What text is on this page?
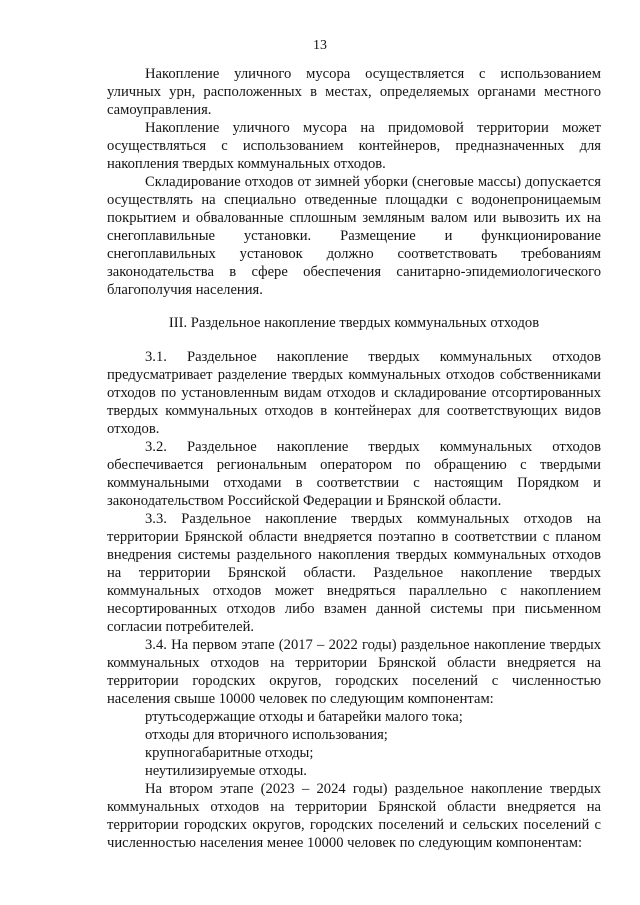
13

Накопление уличного мусора осуществляется с использованием уличных урн, расположенных в местах, определяемых органами местного самоуправления.

Накопление уличного мусора на придомовой территории может осуществляться с использованием контейнеров, предназначенных для накопления твердых коммунальных отходов.

Складирование отходов от зимней уборки (снеговые массы) допускается осуществлять на специально отведенные площадки с водонепроницаемым покрытием и обвалованные сплошным земляным валом или вывозить их на снегоплавильные установки. Размещение и функционирование снегоплавильных установок должно соответствовать требованиям законодательства в сфере обеспечения санитарно-эпидемиологического благополучия населения.

III. Раздельное накопление твердых коммунальных отходов

3.1. Раздельное накопление твердых коммунальных отходов предусматривает разделение твердых коммунальных отходов собственниками отходов по установленным видам отходов и складирование отсортированных твердых коммунальных отходов в контейнерах для соответствующих видов отходов.

3.2. Раздельное накопление твердых коммунальных отходов обеспечивается региональным оператором по обращению с твердыми коммунальными отходами в соответствии с настоящим Порядком и законодательством Российской Федерации и Брянской области.

3.3. Раздельное накопление твердых коммунальных отходов на территории Брянской области внедряется поэтапно в соответствии с планом внедрения системы раздельного накопления твердых коммунальных отходов на территории Брянской области. Раздельное накопление твердых коммунальных отходов может внедряться параллельно с накоплением несортированных отходов либо взамен данной системы при письменном согласии потребителей.

3.4. На первом этапе (2017 – 2022 годы) раздельное накопление твердых коммунальных отходов на территории Брянской области внедряется на территории городских округов, городских поселений с численностью населения свыше 10000 человек по следующим компонентам:

ртутьсодержащие отходы и батарейки малого тока;

отходы для вторичного использования;

крупногабаритные отходы;

неутилизируемые отходы.

На втором этапе (2023 – 2024 годы) раздельное накопление твердых коммунальных отходов на территории Брянской области внедряется на территории городских округов, городских поселений и сельских поселений с численностью населения менее 10000 человек по следующим компонентам:
